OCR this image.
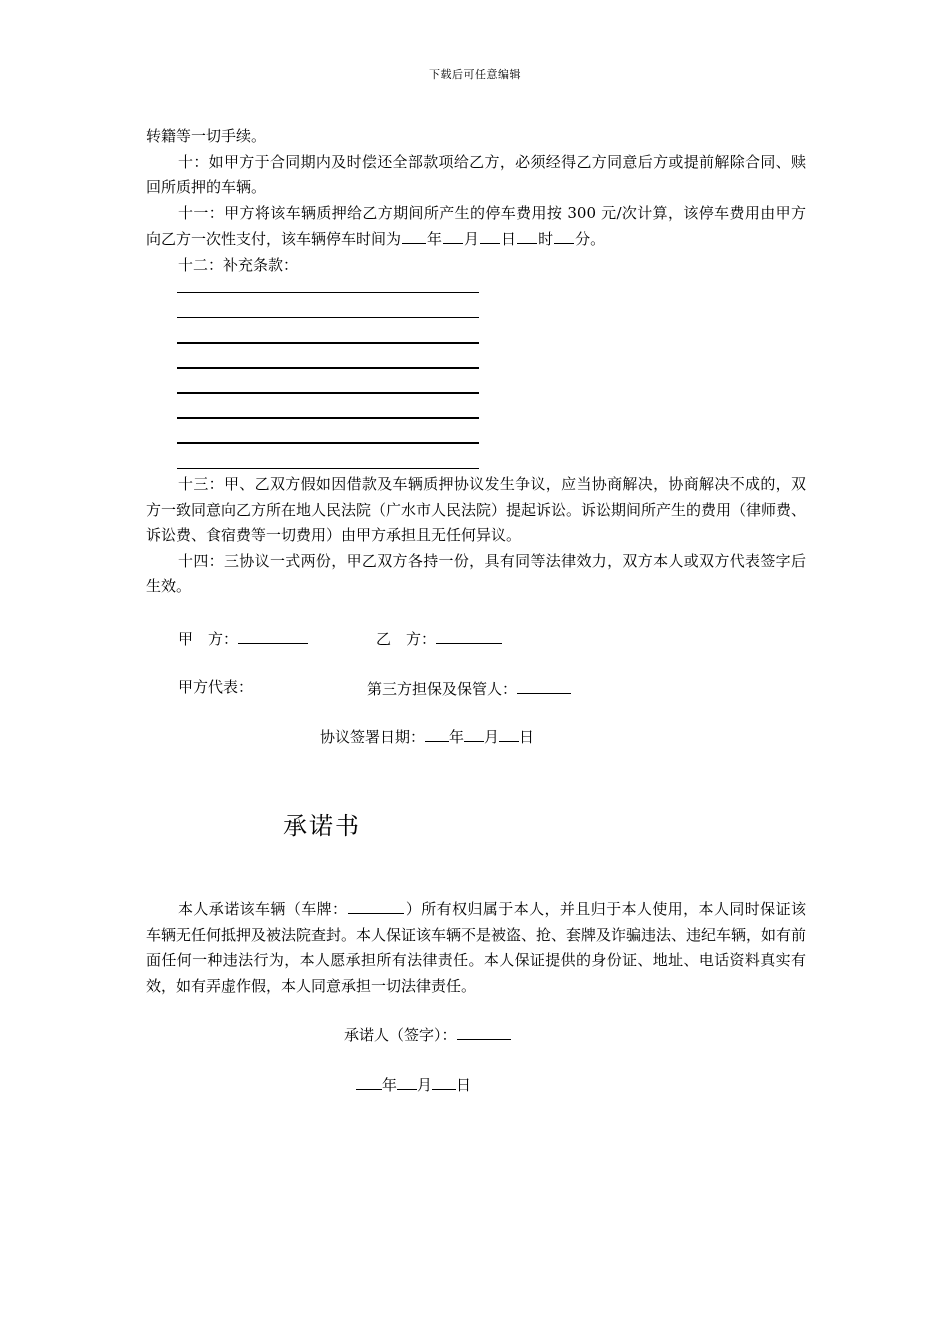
下载后可任意编辑

转籍等一切手续。

十：如甲方于合同期内及时偿还全部款项给乙方，必须经得乙方同意后方或提前解除合同、赎回所质押的车辆。

十一：甲方将该车辆质押给乙方期间所产生的停车费用按 300 元/次计算，该停车费用由甲方向乙方一次性支付，该车辆停车时间为 年 月 日 时 分。

十二：补充条款：

十三：甲、乙双方假如因借款及车辆质押协议发生争议，应当协商解决，协商解决不成的，双方一致同意向乙方所在地人民法院（广水市人民法院）提起诉讼。诉讼期间所产生的费用（律师费、诉讼费、食宿费等一切费用）由甲方承担且无任何异议。

十四：三协议一式两份，甲乙双方各持一份，具有同等法律效力，双方本人或双方代表签字后生效。

甲　方：	乙　方：
甲方代表：	第三方担保及保管人：
协议签署日期： 年 月 日
承诺书

本人承诺该车辆（车牌：	）所有权归属于本人，并且归于本人使用，本人同时保证该车辆无任何抵押及被法院查封。本人保证该车辆不是被盗、抢、套牌及诈骗违法、违纪车辆，如有前面任何一种违法行为，本人愿承担所有法律责任。本人保证提供的身份证、地址、电话资料真实有效，如有弄虚作假，本人同意承担一切法律责任。

承诺人（签字）：
年 月 日
